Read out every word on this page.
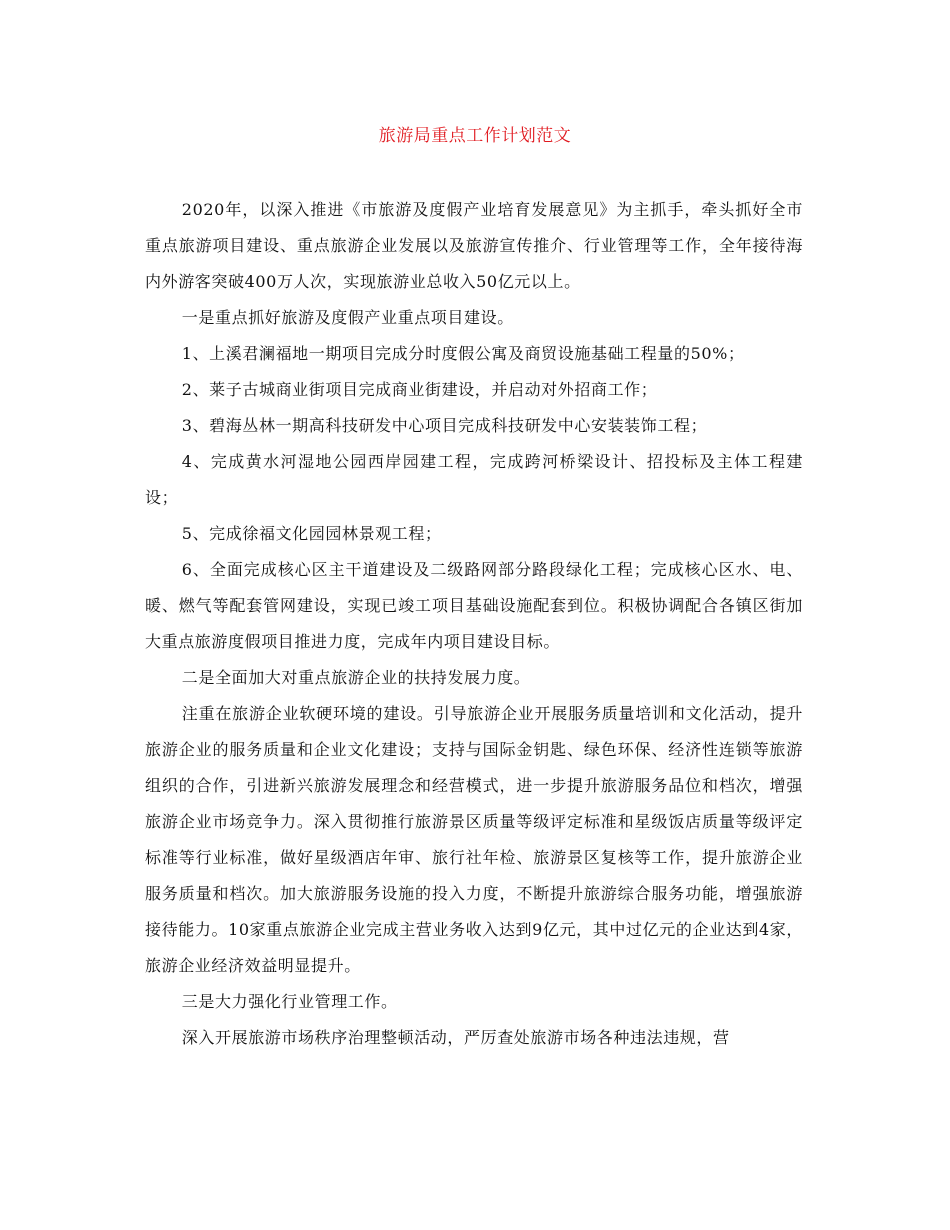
旅游局重点工作计划范文

2020年，以深入推进《市旅游及度假产业培育发展意见》为主抓手，牵头抓好全市重点旅游项目建设、重点旅游企业发展以及旅游宣传推介、行业管理等工作，全年接待海内外游客突破400万人次，实现旅游业总收入50亿元以上。

一是重点抓好旅游及度假产业重点项目建设。

1、上溪君澜福地一期项目完成分时度假公寓及商贸设施基础工程量的50%；

2、莱子古城商业街项目完成商业街建设，并启动对外招商工作；

3、碧海丛林一期高科技研发中心项目完成科技研发中心安装装饰工程；

4、完成黄水河湿地公园西岸园建工程，完成跨河桥梁设计、招投标及主体工程建设；

5、完成徐福文化园园林景观工程；

6、全面完成核心区主干道建设及二级路网部分路段绿化工程；完成核心区水、电、暖、燃气等配套管网建设，实现已竣工项目基础设施配套到位。积极协调配合各镇区街加大重点旅游度假项目推进力度，完成年内项目建设目标。

二是全面加大对重点旅游企业的扶持发展力度。

注重在旅游企业软硬环境的建设。引导旅游企业开展服务质量培训和文化活动，提升旅游企业的服务质量和企业文化建设；支持与国际金钥匙、绿色环保、经济性连锁等旅游组织的合作，引进新兴旅游发展理念和经营模式，进一步提升旅游服务品位和档次，增强旅游企业市场竞争力。深入贯彻推行旅游景区质量等级评定标准和星级饭店质量等级评定标准等行业标准，做好星级酒店年审、旅行社年检、旅游景区复核等工作，提升旅游企业服务质量和档次。加大旅游服务设施的投入力度，不断提升旅游综合服务功能，增强旅游接待能力。10家重点旅游企业完成主营业务收入达到9亿元，其中过亿元的企业达到4家，旅游企业经济效益明显提升。

三是大力强化行业管理工作。

深入开展旅游市场秩序治理整顿活动，严厉查处旅游市场各种违法违规，营
